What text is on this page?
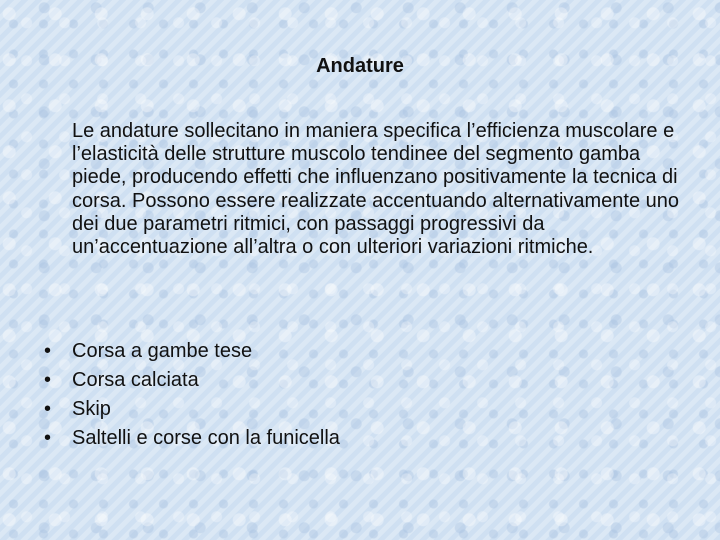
Andature

Le andature sollecitano in maniera specifica l’efficienza muscolare e l’elasticità delle strutture muscolo tendinee del segmento gamba piede, producendo effetti che influenzano positivamente la tecnica di corsa. Possono essere realizzate accentuando alternativamente uno dei due parametri ritmici, con passaggi progressivi da un’accentuazione all’altra o con ulteriori variazioni ritmiche.

• Corsa a gambe tese
• Corsa calciata
• Skip
• Saltelli e corse con la funicella
